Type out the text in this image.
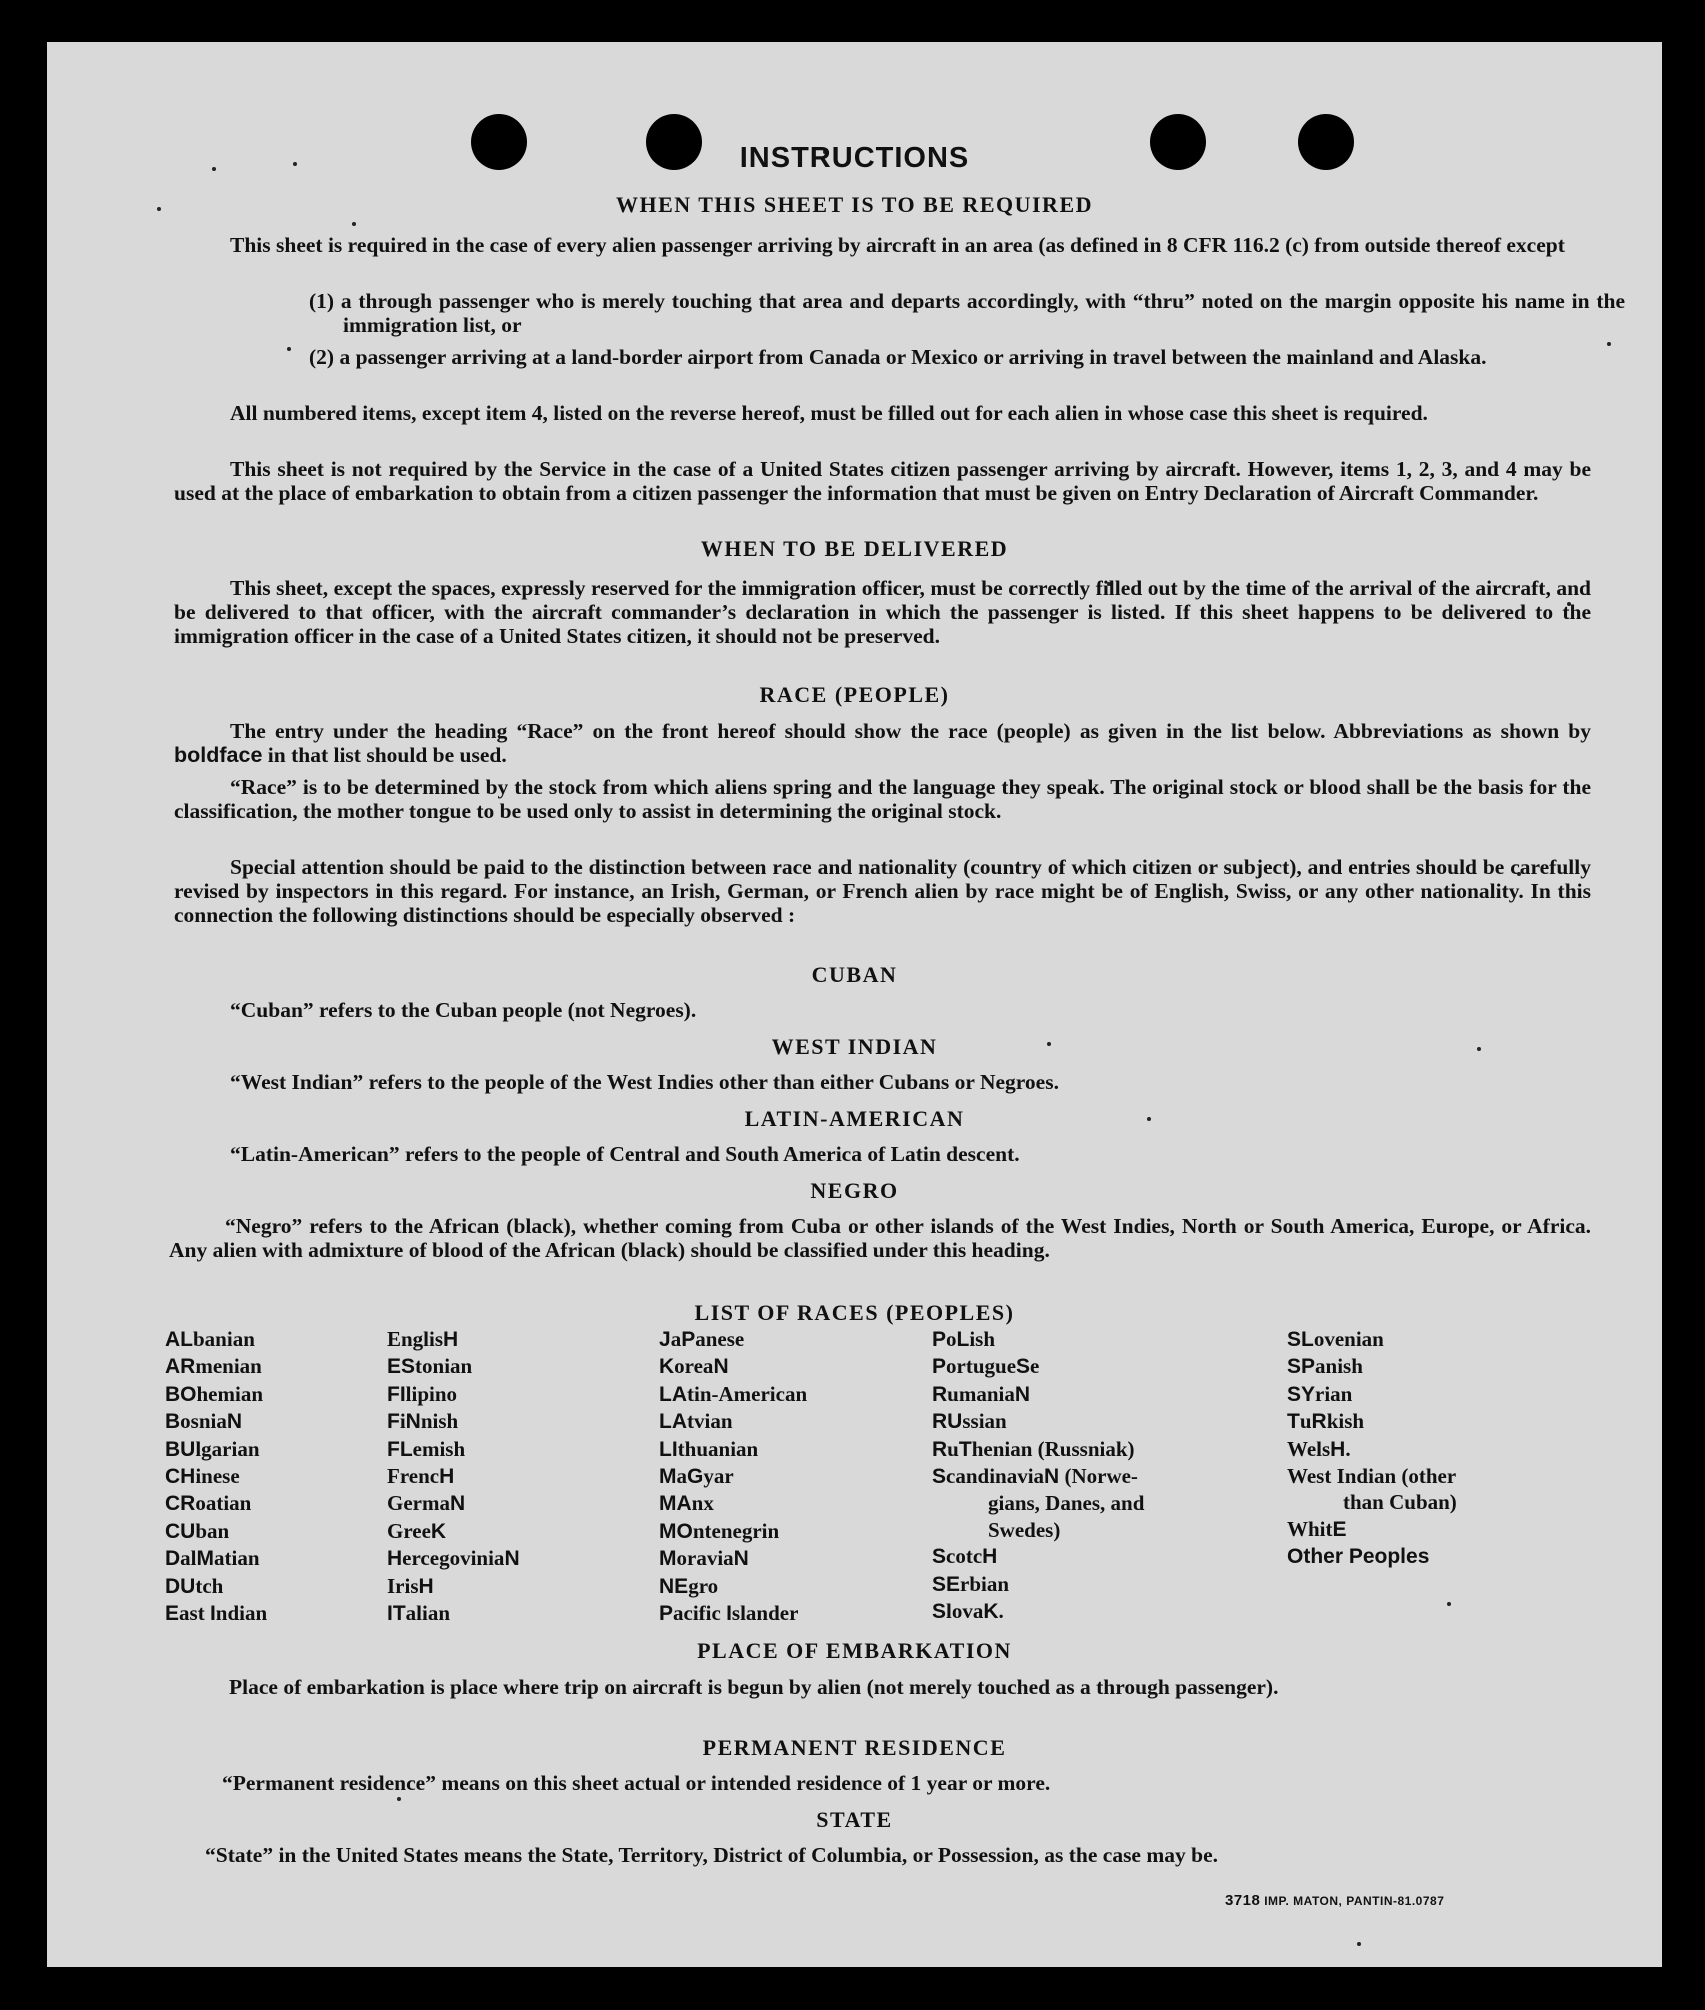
INSTRUCTIONS
WHEN THIS SHEET IS TO BE REQUIRED

This sheet is required in the case of every alien passenger arriving by aircraft in an area (as defined in 8 CFR 116.2 (c) from outside thereof except

(1) a through passenger who is merely touching that area and departs accordingly, with “thru” noted on the margin opposite his name in the immigration list, or

(2) a passenger arriving at a land-border airport from Canada or Mexico or arriving in travel between the mainland and Alaska.

All numbered items, except item 4, listed on the reverse hereof, must be filled out for each alien in whose case this sheet is required.

This sheet is not required by the Service in the case of a United States citizen passenger arriving by aircraft. However, items 1, 2, 3, and 4 may be used at the place of embarkation to obtain from a citizen passenger the information that must be given on Entry Declaration of Aircraft Commander.

WHEN TO BE DELIVERED

This sheet, except the spaces, expressly reserved for the immigration officer, must be correctly filled out by the time of the arrival of the aircraft, and be delivered to that officer, with the aircraft commander’s declaration in which the passenger is listed. If this sheet happens to be delivered to the immigration officer in the case of a United States citizen, it should not be preserved.

RACE (PEOPLE)

The entry under the heading “Race” on the front hereof should show the race (people) as given in the list below. Abbreviations as shown by boldface in that list should be used.

“Race” is to be determined by the stock from which aliens spring and the language they speak. The original stock or blood shall be the basis for the classification, the mother tongue to be used only to assist in determining the original stock.

Special attention should be paid to the distinction between race and nationality (country of which citizen or subject), and entries should be carefully revised by inspectors in this regard. For instance, an Irish, German, or French alien by race might be of English, Swiss, or any other nationality. In this connection the following distinctions should be especially observed :

CUBAN

“Cuban” refers to the Cuban people (not Negroes).

WEST INDIAN

“West Indian” refers to the people of the West Indies other than either Cubans or Negroes.

LATIN-AMERICAN

“Latin-American” refers to the people of Central and South America of Latin descent.

NEGRO

“Negro” refers to the African (black), whether coming from Cuba or other islands of the West Indies, North or South America, Europe, or Africa. Any alien with admixture of blood of the African (black) should be classified under this heading.

LIST OF RACES (PEOPLES)
ALbanian
ARmenian
BOhemian
BosniaN
BUlgarian
CHinese
CRoatian
CUban
DalMatian
DUtch
East Indian
EnglisH
EStonian
FIlipino
FiNnish
FLemish
FrencH
GermaN
GreeK
HercegoviniaN
IrisH
ITalian
JaPanese
KoreaN
LAtin-American
LAtvian
LIthuanian
MaGyar
MAnx
MOntenegrin
MoraviaN
NEgro
Pacific Islander
PoLish
PortugueSe
RumaniaN
RUssian
RuThenian (Russniak)
ScandinaviaN (Norwe-
gians, Danes, and
Swedes)
ScotcH
SErbian
SlovaK.
SLovenian
SPanish
SYrian
TuRkish
WelsH.
West Indian (other
than Cuban)
WhitE
Other Peoples
PLACE OF EMBARKATION

Place of embarkation is place where trip on aircraft is begun by alien (not merely touched as a through passenger).

PERMANENT RESIDENCE

“Permanent residence” means on this sheet actual or intended residence of 1 year or more.

STATE

“State” in the United States means the State, Territory, District of Columbia, or Possession, as the case may be.

3718 IMP. MATON, PANTIN-81.0787
